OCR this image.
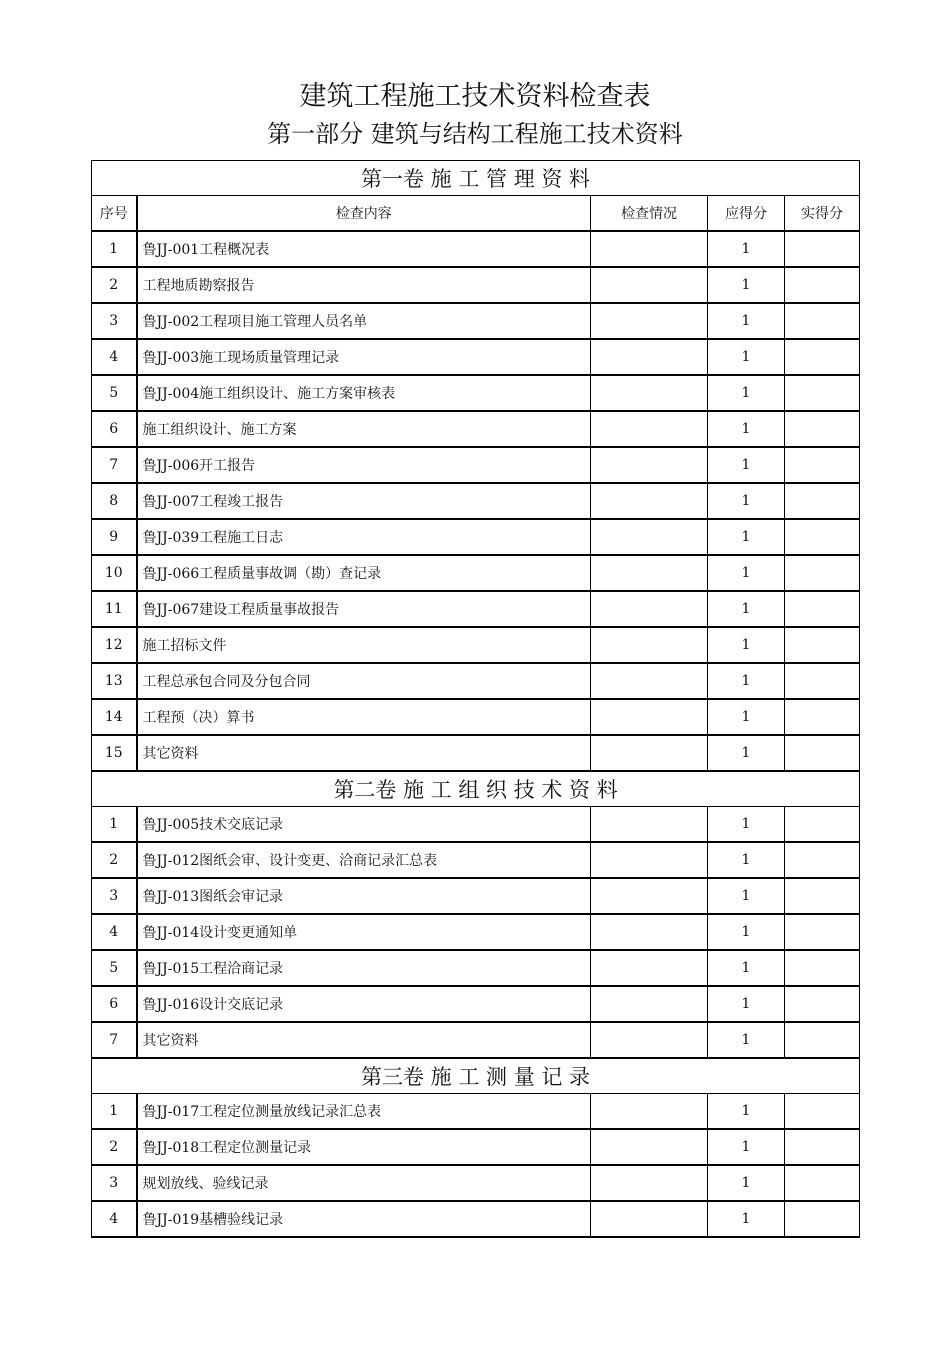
建筑工程施工技术资料检查表
第一部分 建筑与结构工程施工技术资料
第一卷 施 工 管 理 资 料				
序号	检查内容	检查情况	应得分	实得分
1	鲁JJ-001工程概况表		1	
2	工程地质勘察报告		1	
3	鲁JJ-002工程项目施工管理人员名单		1	
4	鲁JJ-003施工现场质量管理记录		1	
5	鲁JJ-004施工组织设计、施工方案审核表		1	
6	施工组织设计、施工方案		1	
7	鲁JJ-006开工报告		1	
8	鲁JJ-007工程竣工报告		1	
9	鲁JJ-039工程施工日志		1	
10	鲁JJ-066工程质量事故调（勘）查记录		1	
11	鲁JJ-067建设工程质量事故报告		1	
12	施工招标文件		1	
13	工程总承包合同及分包合同		1	
14	工程预（决）算书		1	
15	其它资料		1	
第二卷 施 工 组 织 技 术 资 料				
1	鲁JJ-005技术交底记录		1	
2	鲁JJ-012图纸会审、设计变更、洽商记录汇总表		1	
3	鲁JJ-013图纸会审记录		1	
4	鲁JJ-014设计变更通知单		1	
5	鲁JJ-015工程洽商记录		1	
6	鲁JJ-016设计交底记录		1	
7	其它资料		1	
第三卷 施 工 测 量 记 录				
1	鲁JJ-017工程定位测量放线记录汇总表		1	
2	鲁JJ-018工程定位测量记录		1	
3	规划放线、验线记录		1	
4	鲁JJ-019基槽验线记录		1	
